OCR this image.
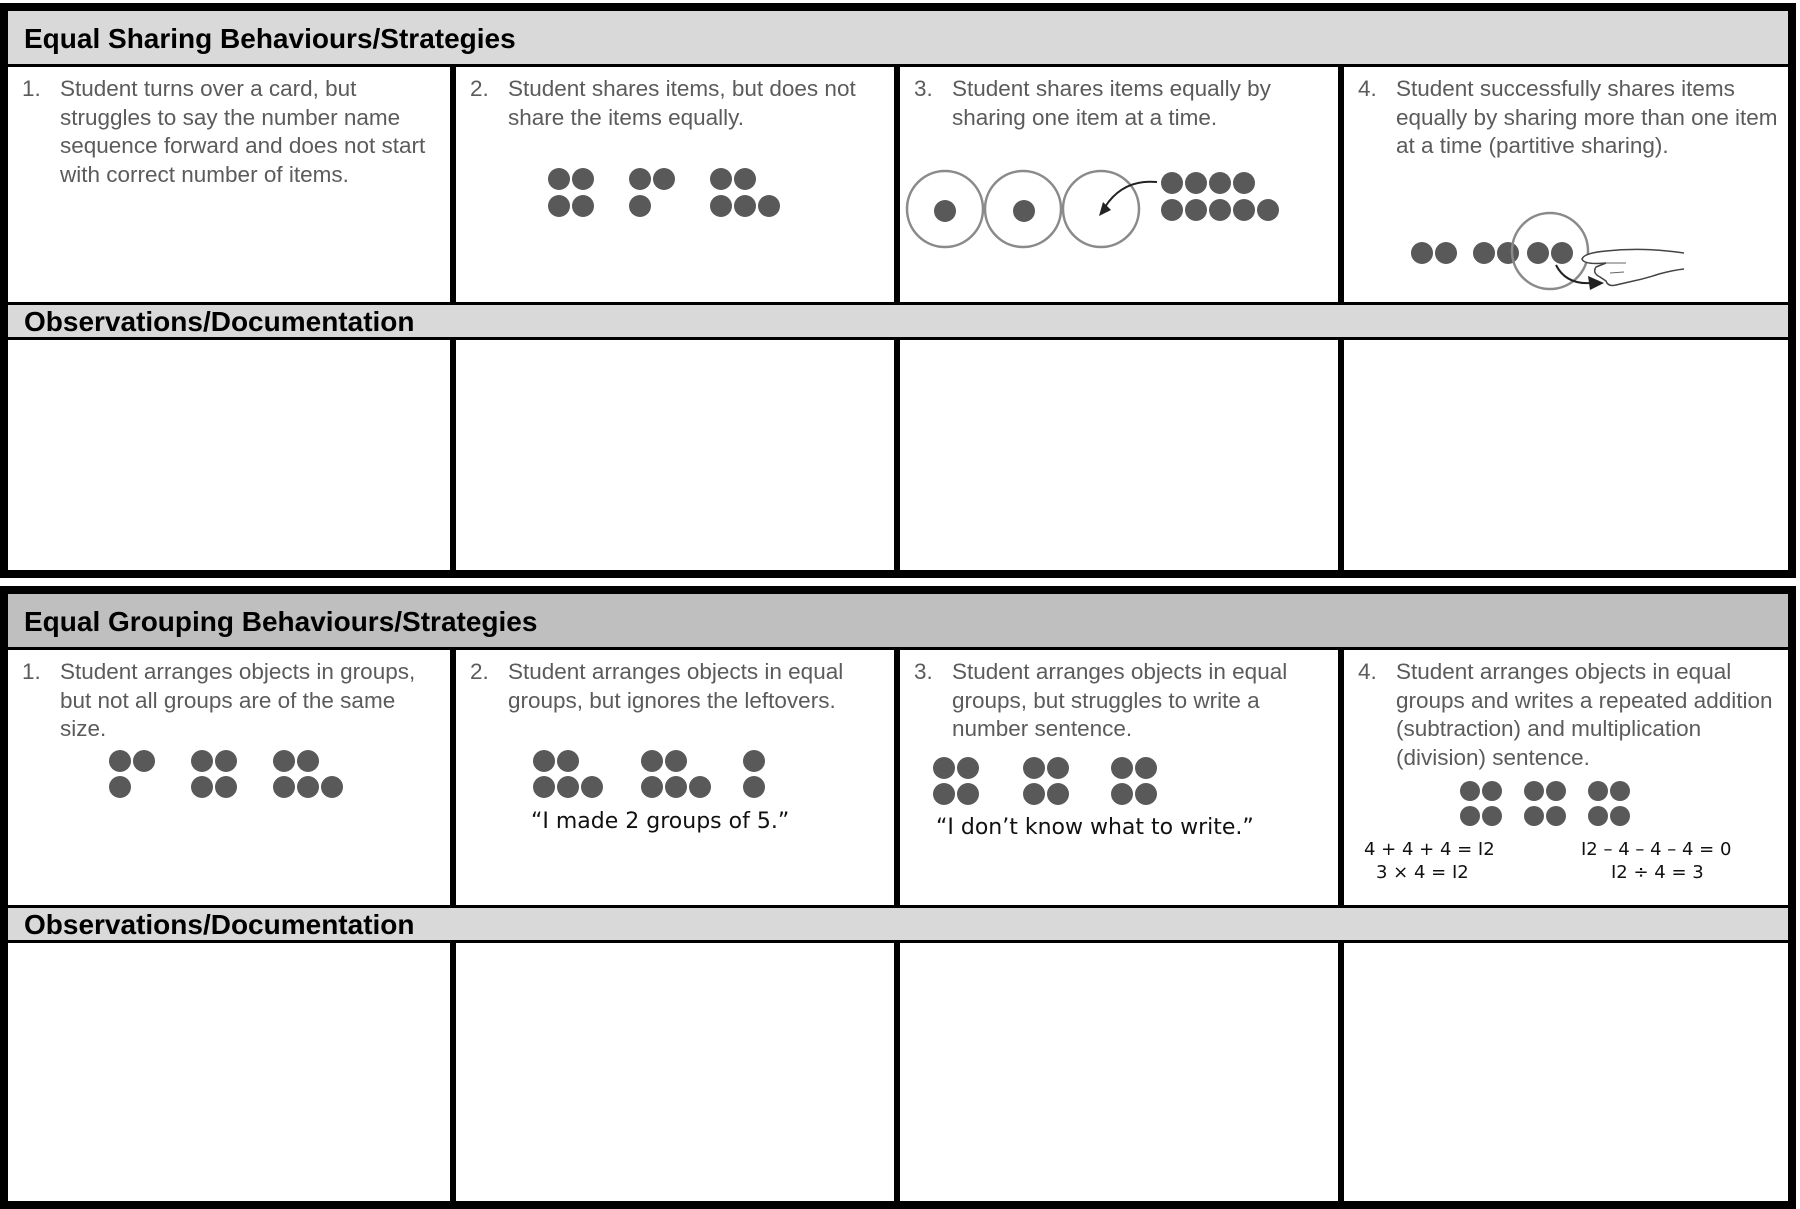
Equal Sharing Behaviours/Strategies
1. Student turns over a card, but struggles to say the number name sequence forward and does not start with correct number of items.
2. Student shares items, but does not share the items equally.
3. Student shares items equally by sharing one item at a time.
4. Student successfully shares items equally by sharing more than one item at a time (partitive sharing).
Observations/Documentation
Equal Grouping Behaviours/Strategies
1. Student arranges objects in groups, but not all groups are of the same size.
2. Student arranges objects in equal groups, but ignores the leftovers.
“I made 2 groups of 5.”
3. Student arranges objects in equal groups, but struggles to write a number sentence.
“I don’t know what to write.”
4. Student arranges objects in equal groups and writes a repeated addition (subtraction) and multiplication (division) sentence.
4 + 4 + 4 = I2
3 × 4 = I2
I2 – 4 – 4 – 4 = 0
I2 ÷ 4 = 3
Observations/Documentation
